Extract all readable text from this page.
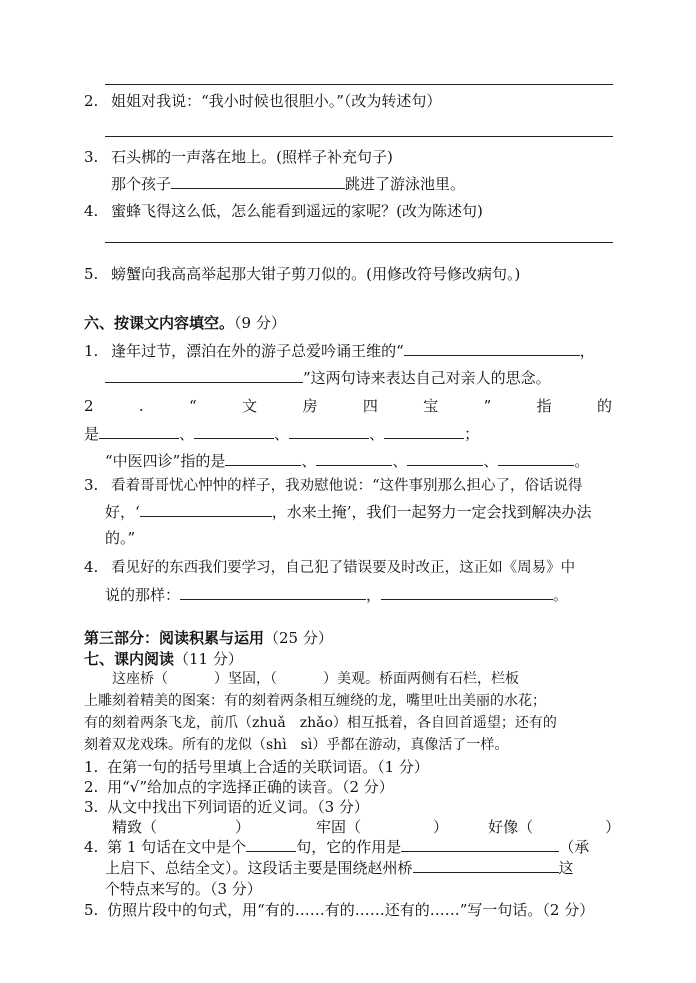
2. 姐姐对我说：“我小时候也很胆小。”（改为转述句）
3. 石头梆的一声落在地上。(照样子补充句子)
那个孩子	跳进了游泳池里。
4. 蜜蜂飞得这么低，怎么能看到遥远的家呢？(改为陈述句)
5. 螃蟹向我高高举起那大钳子剪刀似的。(用修改符号修改病句。)
六、按课文内容填空。（9 分）
1. 逢年过节，漂泊在外的游子总爱吟诵王维的“	，
”这两句诗来表达自己对亲人的思念。
2	.	“	文	房	四	宝	”	指	的
是	、	、	、	；
“中医四诊”指的是	、	、	、	。
3. 看着哥哥忧心忡忡的样子，我劝慰他说：“这件事别那么担心了，俗话说得
好，‘	，水来土掩’，我们一起努力一定会找到解决办法
的。”
4. 看见好的东西我们要学习，自己犯了错误要及时改正，这正如《周易》中
说的那样：	，	。
第三部分：阅读积累与运用（25 分）
七、课内阅读（11 分）
这座桥（	）坚固，（	）美观。桥面两侧有石栏，栏板
上雕刻着精美的图案：有的刻着两条相互缠绕的龙，嘴里吐出美丽的水花；
有的刻着两条飞龙，前爪（zhuǎ　zhǎo）相互抵着，各自回首遥望；还有的
刻着双龙戏珠。所有的龙似（shì　sì）乎都在游动，真像活了一样。
1. 在第一句的括号里填上合适的关联词语。（1 分）
2. 用“√”给加点的字选择正确的读音。（2 分）
3. 从文中找出下列词语的近义词。（3 分）
精致（	）	牢固（	）	好像（	）
4. 第 1 句话在文中是个	句，它的作用是	（承
上启下、总结全文）。这段话主要是围绕赵州桥	这
个特点来写的。（3 分）
5. 仿照片段中的句式，用“有的……有的……还有的……”写一句话。（2 分）
